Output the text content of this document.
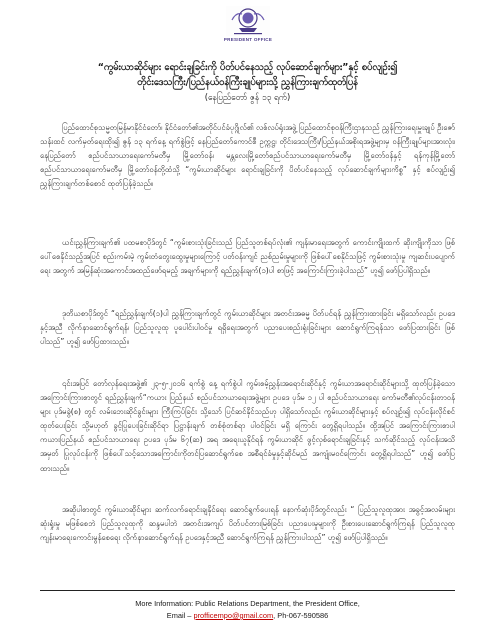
PRESIDENT OFFICE
“ကွမ်းယာဆိုင်များ ရောင်းချခြင်းကို ပိတ်ပင်နေသည့် လုပ်ဆောင်ချက်များ”နှင့် စပ်လျဉ်း၍
တိုင်းဒေသကြီး/ပြည်နယ်ဝန်ကြီးချုပ်များသို့ ညွှန်ကြားချက်ထုတ်ပြန်
(နေပြည်တော် ဇွန် ၁၃ ရက်)
ပြည်ထောင်စုသမ္မတမြန်မာနိုင်ငံတော်၊ နိုင်ငံတော်၏အတိုင်ပင်ခံပုဂ္ဂိုလ်၏ လစ်လပ်ရုံးအဖွဲ့ ပြည်ထောင်စုဝန်ကြီးဌာနသည် ညွှန်ကြားရေးမှူးချုပ် ဦးဇော်သန်းထင် လက်မှတ်ရေးထိုး၍ ဇွန် ၁၃ ရက်နေ့ ရက်စွဲဖြင့် နေပြည်တော်ကောင်စီ ဥက္ကဋ္ဌ၊ တိုင်းဒေသကြီး/ပြည်နယ်အစိုးရအဖွဲ့များမှ ဝန်ကြီးချုပ်များအားလုံး၊ နေပြည်တော် စည်ပင်သာယာရေးကော်မတီမှ မြို့တော်ဝန်၊ မန္တလေးမြို့တော်စည်ပင်သာယာရေးကော်မတီမှ မြို့တော်ဝန်နှင့် ရန်ကုန်မြို့တော်စည်ပင်သာယာရေးကော်မတီမှ မြို့တော်ဝန်တို့ထံသို့ “ကွမ်းယာဆိုင်များ ရောင်းချခြင်းကို ပိတ်ပင်နေသည့် လုပ်ဆောင်ချက်များကိစ္စ” နှင့် စပ်လျဉ်း၍ ညွှန်ကြားချက်တစ်စောင် ထုတ်ပြန်ခဲ့သည်။
ယင်းညွှန်ကြားချက်၏ ပထမစာပိုဒ်တွင် “ကွမ်းစားသုံးခြင်းသည် ပြည်သူတစ်ရပ်လုံး၏ ကျန်းမာရေးအတွက် ကောင်းကျိုးထက် ဆိုးကျိုးကိုသာ ဖြစ်ပေါ်စေနိုင်သည့်အပြင် စည်းကမ်းမဲ့ ကွမ်းတံတွေးထွေးမှုများကြောင့် ပတ်ဝန်းကျင် ညစ်ညမ်းမှုများကို ဖြစ်ပေါ်စေနိုင်သဖြင့် ကွမ်းစားသုံးမှု ကျဆင်းပပျောက်ရေး အတွက် အမြန်ဆုံးအကောင်အထည်ဖော်ရမည့် အချက်များကို ရည်ညွှန်းချက်(၁)ပါ စာဖြင့် အကြောင်းကြားခဲ့ပါသည်” ဟူ၍ ဖော်ပြပါရှိသည်။
ဒုတိယစာပိုဒ်တွင် “ရည်ညွှန်းချက်(၁)ပါ ညွှန်ကြားချက်တွင် ကွမ်းယာဆိုင်များ အတင်းအဓမ္မ ပိတ်ပင်ရန် ညွှန်ကြားထားခြင်း မရှိသော်လည်း ဥပဒေနှင့်အညီ လိုက်နာဆောင်ရွက်ရန်၊ ပြည်သူလူထု ပူပေါင်းပါဝင်မှု ရရှိရေးအတွက် ပညာပေးစည်းရုံးခြင်းများ ဆောင်ရွက်ကြရန်သာ ဖော်ပြထားခြင်း ဖြစ်ပါသည်” ဟူ၍ ဖော်ပြထားသည်။
၎င်းအပြင် တော်လှန်ရေးအဖွဲ့၏ ၂၃-၅-၂၀၁၆ ရက်စွဲ နေ့ ရက်စွဲပါ ကွမ်းစမ့်ညွှန်းအရောင်းဆိုင်နှင့် ကွမ်းယာအရောင်းဆိုင်များသို့ ထုတ်ပြန်ခဲ့သော အကြောင်းကြားစာတွင် ရည်ညွှန်းချက်“ကယား ပြည်နယ် စည်ပင်သာယာရေးအဖွဲ့များ ဥပဒေ ပုဒ်မ ၁၂ ပါ စည်ပင်သာယာရေး ကော်မတီ၏လုပ်ငန်းတာဝန်များ ပုဒ်မခွဲ(စ) တွင် လမ်းဘေးဆိုင်ခွင်းများ ကြီးကြပ်ခြင်း သို့သော် ပြင်ဆင်နိုင်သည်ဟု ပါရှိသော်လည်း ကွမ်းယာဆိုင်များနှင့် စပ်လျဉ်း၍ လုပ်ငန်းလိုင်စင်ထုတ်ပေးခြင်း သို့မဟုတ် ခွင့်ပြုပေးခြင်းဆိုင်ရာ ပြဋ္ဌာန်းချက် တစ်စုံတစ်ရာ ပါဝင်ခြင်း မရှိ ကြောင်း တွေ့ရှိရပါသည်။ ထို့အပြင် အကြောင်းကြားစာပါ ကယားပြည်နယ် စည်ပင်သာယာရေး ဥပဒေ ပုဒ်မ ၆၇(ဆ) အရ အရေးယူနိုင်ရန် ကွမ်းယာဆိုင် ဖွင့်လှစ်ရောင်းချခြင်းနှင့် သက်ဆိုင်သည့် လုပ်ငန်းအသိအမှတ် ပြုလုပ်ငန်းကို ဖြစ်ပေါ်သင့်သောအကြောင်းကိုတင်ပြဆောင်ရွက်စေ အစီရင်ခံမှုနှင့်ဆိုင်မည် အကျုံးမဝင်ကြောင်း တွေ့ရှိရပါသည်” ဟူ၍ ဖော်ပြထားသည်။
အဆိုပါစာတွင် ကွမ်းယာဆိုင်များ ဆက်လက်ရောင်းချနိုင်ရေး ဆောင်ရွက်ပေးရန် နောက်ဆုံးပိုဒ်တွင်လည်း “ ပြည်သူလူထုအား အခွင့်အလမ်းများ ဆုံးရှုံးမှု မဖြစ်စေဘဲ ပြည်သူလူထုကို ဆန္ဒမပါဘဲ အတင်းအကျပ် ပိတ်ပင်တားမြစ်ခြင်း ပညာပေးမှုများကို ဦးစားပေးဆောင်ရွက်ကြရန် ပြည်သူလူထု ကျန်းမာရေးကောင်းမွန်စေရေး လိုက်နာဆောင်ရွက်ရန် ဥပဒေနှင့်အညီ ဆောင်ရွက်ကြရန် ညွှန်ကြားပါသည်” ဟူ၍ ဖော်ပြပါရှိသည်။
More Information: Public Relations Department, the President Office,
Email – profficempo@gmail.com, Ph-067-590586
